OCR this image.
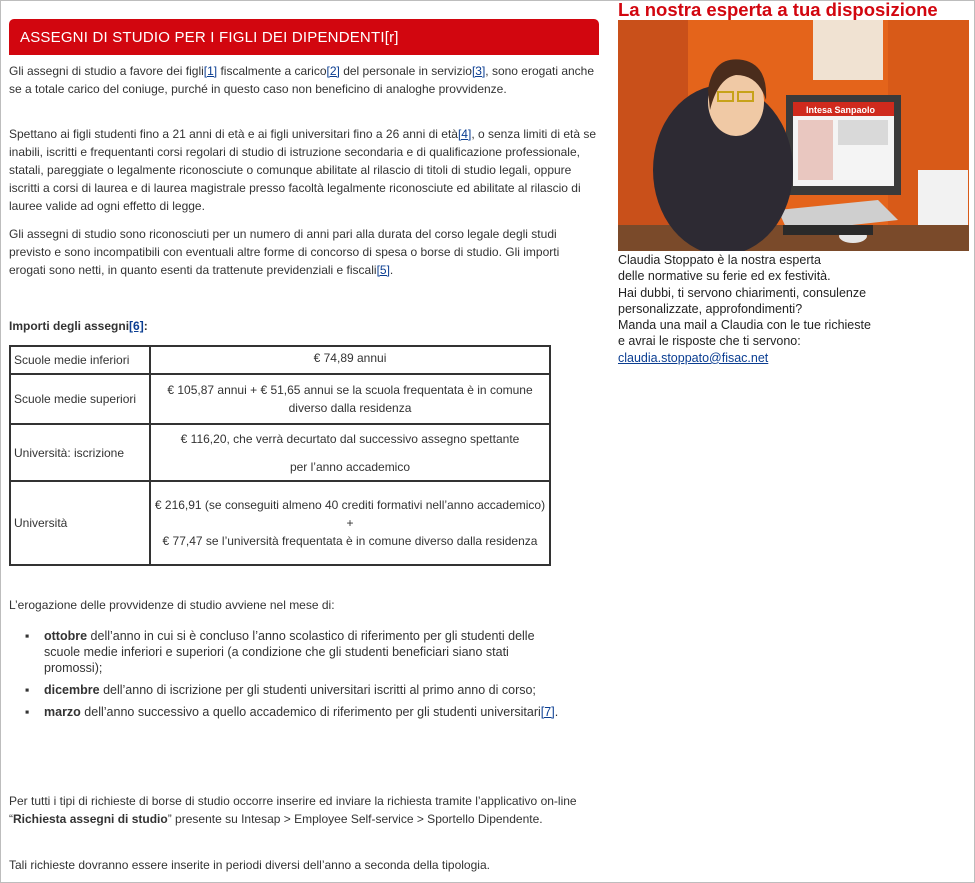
ASSEGNI DI STUDIO PER I FIGLI DEI DIPENDENTI [r]

Gli assegni di studio a favore dei figli[1] fiscalmente a carico[2] del personale in servizio[3], sono erogati anche se a totale carico del coniuge, purché in questo caso non beneficino di analoghe provvidenze.

Spettano ai figli studenti fino a 21 anni di età e ai figli universitari fino a 26 anni di età[4], o senza limiti di età se inabili, iscritti e frequentanti corsi regolari di studio di istruzione secondaria e di qualificazione professionale, statali, pareggiate o legalmente riconosciute o comunque abilitate al rilascio di titoli di studio legali, oppure iscritti a corsi di laurea e di laurea magistrale presso facoltà legalmente riconosciute ed abilitate al rilascio di lauree valide ad ogni effetto di legge.

Gli assegni di studio sono riconosciuti per un numero di anni pari alla durata del corso legale degli studi previsto e sono incompatibili con eventuali altre forme di concorso di spesa o borse di studio. Gli importi erogati sono netti, in quanto esenti da trattenute previdenziali e fiscali[5].

Importi degli assegni[6]:

Scuole medie inferiori	€ 74,89 annui
Scuole medie superiori	€ 105,87 annui + € 51,65 annui se la scuola frequentata è in comune diverso dalla residenza
Università: iscrizione	€ 116,20, che verrà decurtato dal successivo assegno spettante
per l’anno accademico

Università	€ 216,91 (se conseguiti almeno 40 crediti formativi nell’anno accademico) +
€ 77,47 se l’università frequentata è in comune diverso dalla residenza

L’erogazione delle provvidenze di studio avviene nel mese di:

▪ ottobre dell’anno in cui si è concluso l’anno scolastico di riferimento per gli studenti delle scuole medie inferiori e superiori (a condizione che gli studenti beneficiari siano stati promossi);
▪ dicembre dell’anno di iscrizione per gli studenti universitari iscritti al primo anno di corso;
▪ marzo dell’anno successivo a quello accademico di riferimento per gli studenti universitari[7].

Per tutti i tipi di richieste di borse di studio occorre inserire ed inviare la richiesta tramite l’applicativo on-line “Richiesta assegni di studio” presente su Intesap > Employee Self-service > Sportello Dipendente.

Tali richieste dovranno essere inserite in periodi diversi dell’anno a seconda della tipologia.

La nostra esperta a tua disposizione
Intesa Sanpaolo
Claudia Stoppato è la nostra esperta
delle normative su ferie ed ex festività.
Hai dubbi, ti servono chiarimenti, consulenze
personalizzate, approfondimenti?
Manda una mail a Claudia con le tue richieste
e avrai le risposte che ti servono:
claudia.stoppato@fisac.net
